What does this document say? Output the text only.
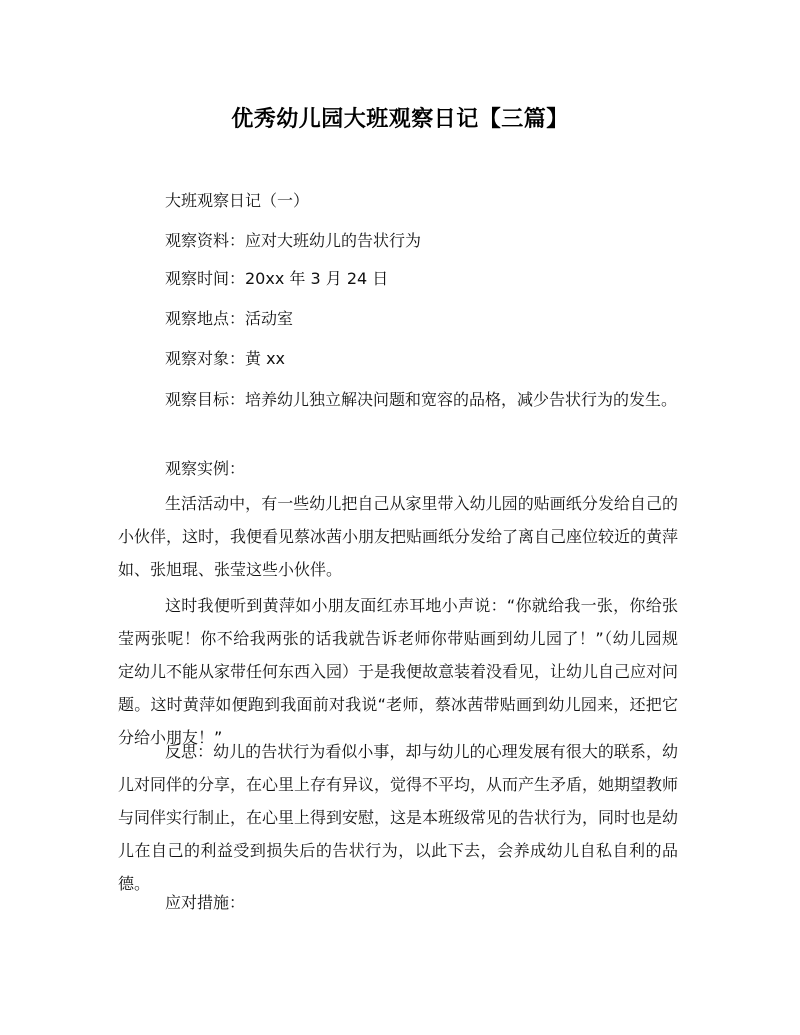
优秀幼儿园大班观察日记【三篇】
大班观察日记（一）
观察资料：应对大班幼儿的告状行为
观察时间：20xx 年 3 月 24 日
观察地点：活动室
观察对象：黄 xx

观察目标：培养幼儿独立解决问题和宽容的品格，减少告状行为的发生。

观察实例：

生活活动中，有一些幼儿把自己从家里带入幼儿园的贴画纸分发给自己的小伙伴，这时，我便看见蔡冰茜小朋友把贴画纸分发给了离自己座位较近的黄萍如、张旭琨、张莹这些小伙伴。

这时我便听到黄萍如小朋友面红赤耳地小声说：“你就给我一张，你给张莹两张呢！你不给我两张的话我就告诉老师你带贴画到幼儿园了！”（幼儿园规定幼儿不能从家带任何东西入园）于是我便故意装着没看见，让幼儿自己应对问题。这时黄萍如便跑到我面前对我说“老师，蔡冰茜带贴画到幼儿园来，还把它分给小朋友！”

反思：幼儿的告状行为看似小事，却与幼儿的心理发展有很大的联系，幼儿对同伴的分享，在心里上存有异议，觉得不平均，从而产生矛盾，她期望教师与同伴实行制止，在心里上得到安慰，这是本班级常见的告状行为，同时也是幼儿在自己的利益受到损失后的告状行为，以此下去，会养成幼儿自私自利的品德。

应对措施：
